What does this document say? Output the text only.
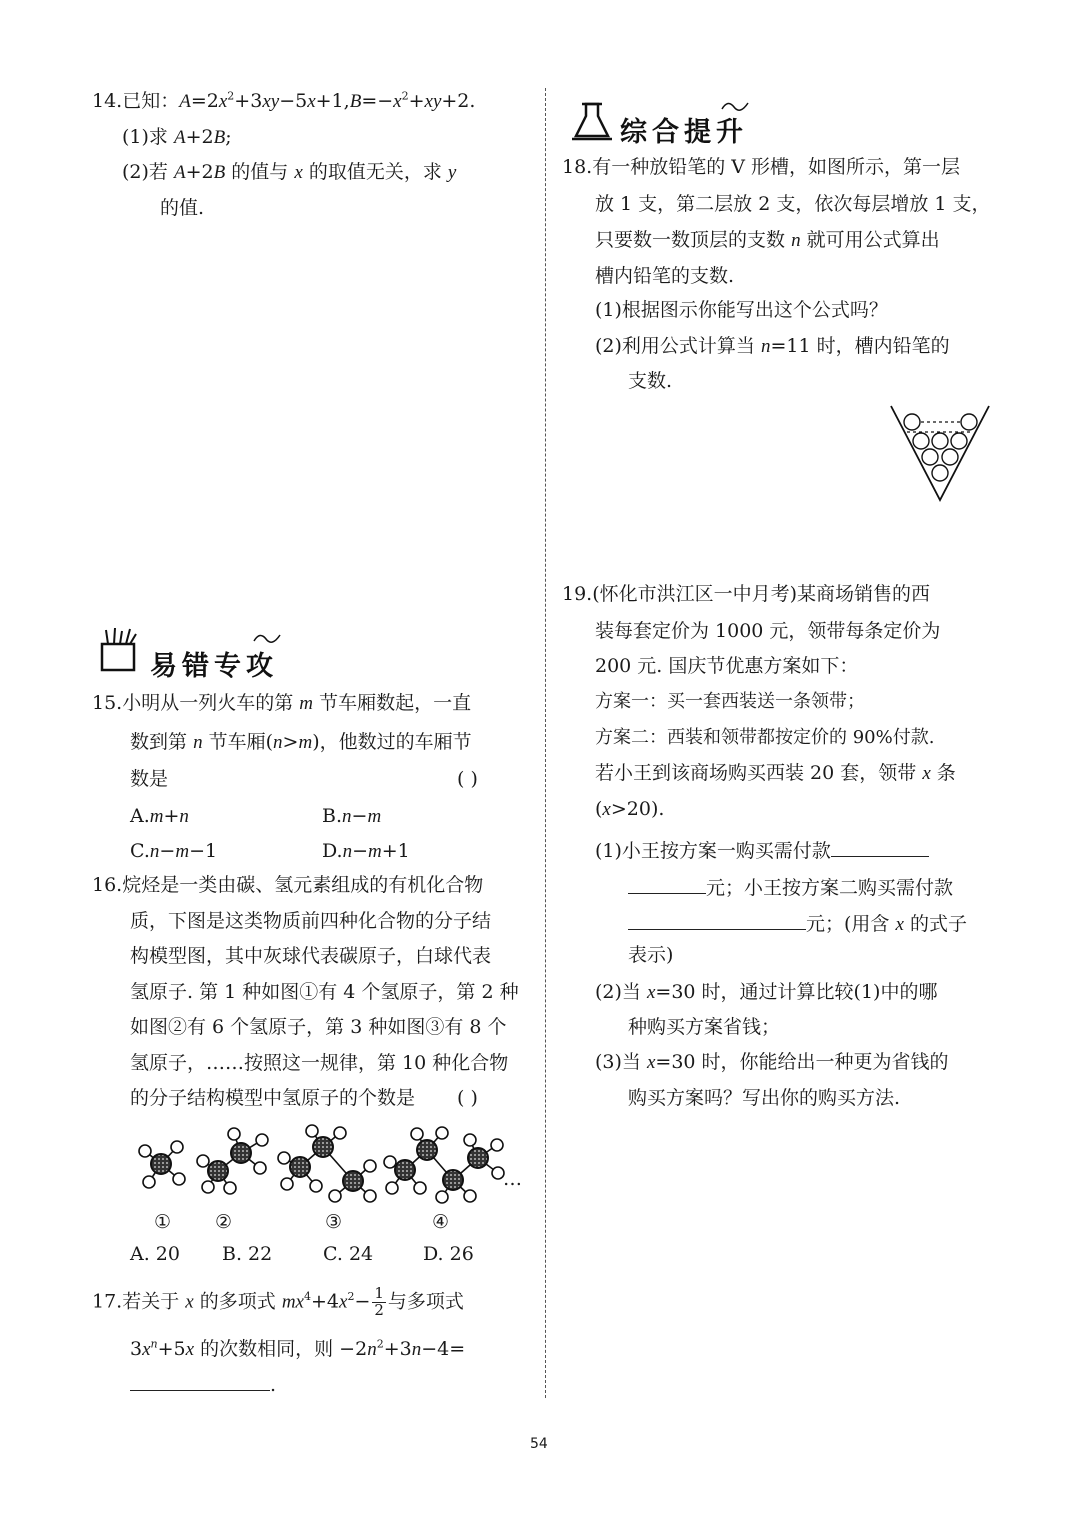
14.已知：$A=2x^2+3xy-5x+1,B=-x^2+xy+2$.
(1)求 A+2B;
(2)若 A+2B 的值与 x 的取值无关，求 y
的值.
易错专攻
15.小明从一列火车的第 m 节车厢数起，一直
数到第 n 节车厢(n>m)，他数过的车厢节
数是	( )
A.m+n	B.n−m
C.n−m−1	D.n−m+1
16.烷烃是一类由碳、氢元素组成的有机化合物
质，下图是这类物质前四种化合物的分子结
构模型图，其中灰球代表碳原子，白球代表
氢原子. 第 1 种如图①有 4 个氢原子，第 2 种
如图②有 6 个氢原子，第 3 种如图③有 8 个
氢原子，……按照这一规律，第 10 种化合物
的分子结构模型中氢原子的个数是 ( )
…
① ②	③	④
A. 20 B. 22	C. 24	D. 26
17.若关于 x 的多项式 $mx^4+4x^2- \frac{1}{2}$ 与多项式
$3x^n+5x$ 的次数相同，则 $-2n^2+3n-4=$
.
综合提升
18.有一种放铅笔的 V 形槽，如图所示，第一层
放 1 支，第二层放 2 支，依次每层增放 1 支，
只要数一数顶层的支数 n 就可用公式算出
槽内铅笔的支数.
(1)根据图示你能写出这个公式吗？
(2)利用公式计算当 n=11 时，槽内铅笔的
支数.
19.(怀化市洪江区一中月考)某商场销售的西
装每套定价为 1000 元，领带每条定价为
200 元. 国庆节优惠方案如下：
方案一：买一套西装送一条领带；
方案二：西装和领带都按定价的 90%付款.
若小王到该商场购买西装 20 套，领带 x 条
(x>20).
(1)小王按方案一购买需付款
元；小王按方案二购买需付款
元；(用含 x 的式子
表示)
(2)当 x=30 时，通过计算比较(1)中的哪
种购买方案省钱；
(3)当 x=30 时，你能给出一种更为省钱的
购买方案吗？写出你的购买方法.
54
